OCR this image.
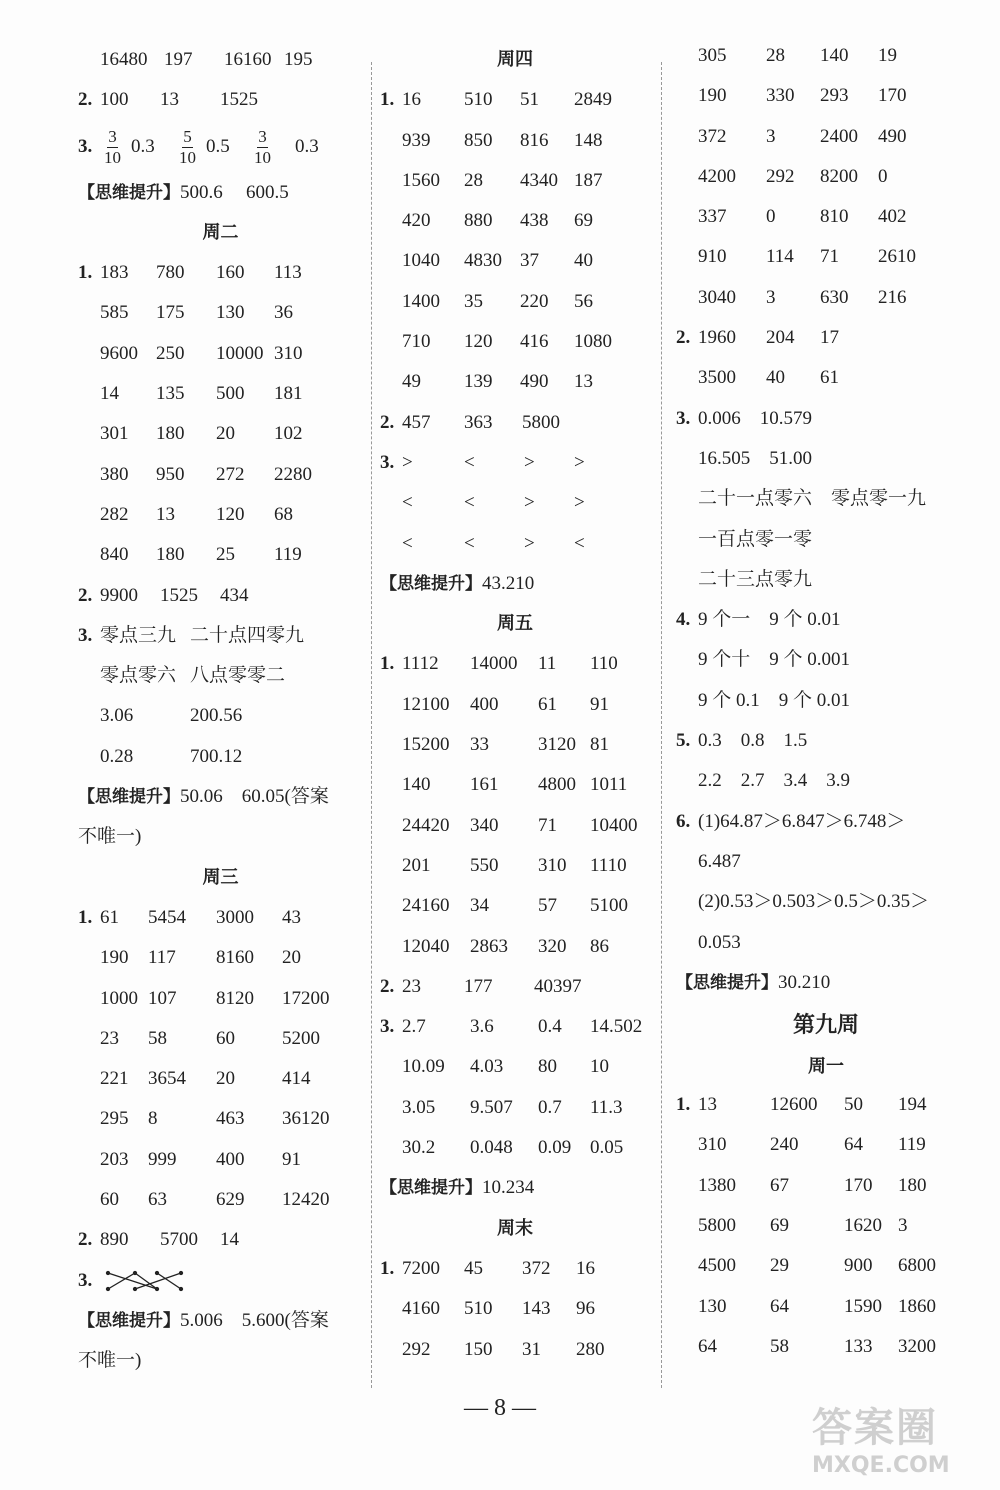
16480 197 16160 195
2. 100 13 1525
3. $\frac{3}{10} 0.3 \frac{5}{10} 0.5 \frac{3}{10} 0.3$
【思维提升】500.6 600.5
周二
1. 183 780 160 113
585 175 130 36
9600 250 10000 310
14 135 500 181
301 180 20 102
380 950 272 2280
282 13 120 68
840 180 25 119
2. 9900 1525 434
3. 零点三九 二十点四零九
零点零六 八点零零二
3.06	200.56
0.28	700.12
【思维提升】50.06　60.05(答案
不唯一)
周三
1. 61 5454 3000 43
190 117 8160 20
1000 107 8120 17200
23 58	60 5200
221 3654 20 414
295 8	463 36120
203 999 400 91
60 63	629 12420
2. 890 5700 14
3.
【思维提升】5.006　5.600(答案
不唯一)
周四
1. 16 510 51 2849
939 850 816 148
1560 28 4340 187
420 880 438 69
1040 4830 37 40
1400 35 220 56
710 120 416 1080
49 139 490 13
2. 457 363 5800
3. >	<	> >
<	<	> >
<	<	> <
【思维提升】43.210
周五
1. 1112 14000 11 110
12100 400 61 91
15200 33	3120 81
140 161 4800 1011
24420 340 71 10400
201 550 310 1110
24160 34	57 5100
12040 2863 320 86
2. 23 177 40397
3. 2.7 3.6 0.4 14.502
10.09 4.03 80 10
3.05 9.507 0.7 11.3
30.2 0.048 0.09 0.05
【思维提升】10.234
周末
1. 7200 45 372 16
4160 510 143 96
292 150 31 280
305 28 140 19
190 330 293 170
372 3 2400 490
4200 292 8200 0
337 0 810 402
910 114 71 2610
3040 3 630 216
2. 1960 204 17
3500 40 61
3. 0.006　10.579
16.505　51.00
二十一点零六　零点零一九
一百点零一零
二十三点零九
4. 9 个一　9 个 0.01
9 个十　9 个 0.001
9 个 0.1　9 个 0.01
5. 0.3　0.8　1.5
2.2　2.7　3.4　3.9
6. (1)64.87＞6.847＞6.748＞
6.487
(2)0.53＞0.503＞0.5＞0.35＞
0.053
【思维提升】30.210
第九周
周一
1. 13	12600 50 194
310 240 64 119
1380 67	170 180
5800 69	1620 3
4500 29	900 6800
130 64	1590 1860
64	58	133 3200
— 8 —	答案圈
MXQE.COM
